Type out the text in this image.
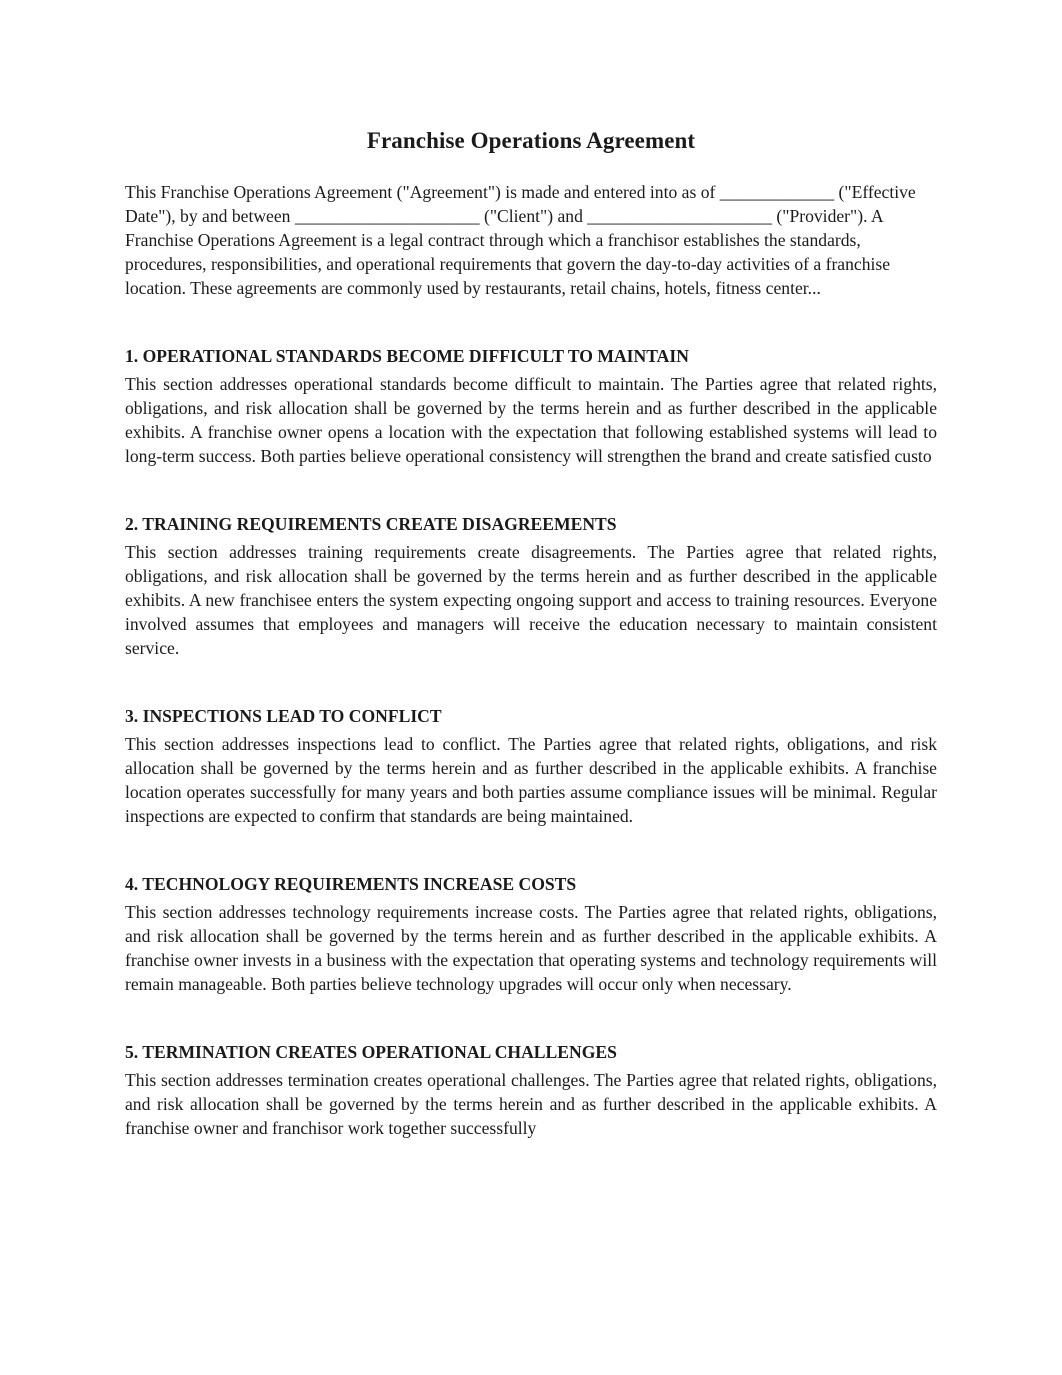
Franchise Operations Agreement

This Franchise Operations Agreement ("Agreement") is made and entered into as of _____________ ("Effective Date"), by and between _____________________ ("Client") and _____________________ ("Provider"). A Franchise Operations Agreement is a legal contract through which a franchisor establishes the standards, procedures, responsibilities, and operational requirements that govern the day-to-day activities of a franchise location. These agreements are commonly used by restaurants, retail chains, hotels, fitness center...

1. OPERATIONAL STANDARDS BECOME DIFFICULT TO MAINTAIN

This section addresses operational standards become difficult to maintain. The Parties agree that related rights, obligations, and risk allocation shall be governed by the terms herein and as further described in the applicable exhibits. A franchise owner opens a location with the expectation that following established systems will lead to long-term success. Both parties believe operational consistency will strengthen the brand and create satisfied custo

2. TRAINING REQUIREMENTS CREATE DISAGREEMENTS

This section addresses training requirements create disagreements. The Parties agree that related rights, obligations, and risk allocation shall be governed by the terms herein and as further described in the applicable exhibits. A new franchisee enters the system expecting ongoing support and access to training resources. Everyone involved assumes that employees and managers will receive the education necessary to maintain consistent service.

3. INSPECTIONS LEAD TO CONFLICT

This section addresses inspections lead to conflict. The Parties agree that related rights, obligations, and risk allocation shall be governed by the terms herein and as further described in the applicable exhibits. A franchise location operates successfully for many years and both parties assume compliance issues will be minimal. Regular inspections are expected to confirm that standards are being maintained.

4. TECHNOLOGY REQUIREMENTS INCREASE COSTS

This section addresses technology requirements increase costs. The Parties agree that related rights, obligations, and risk allocation shall be governed by the terms herein and as further described in the applicable exhibits. A franchise owner invests in a business with the expectation that operating systems and technology requirements will remain manageable. Both parties believe technology upgrades will occur only when necessary.

5. TERMINATION CREATES OPERATIONAL CHALLENGES

This section addresses termination creates operational challenges. The Parties agree that related rights, obligations, and risk allocation shall be governed by the terms herein and as further described in the applicable exhibits. A franchise owner and franchisor work together successfully
